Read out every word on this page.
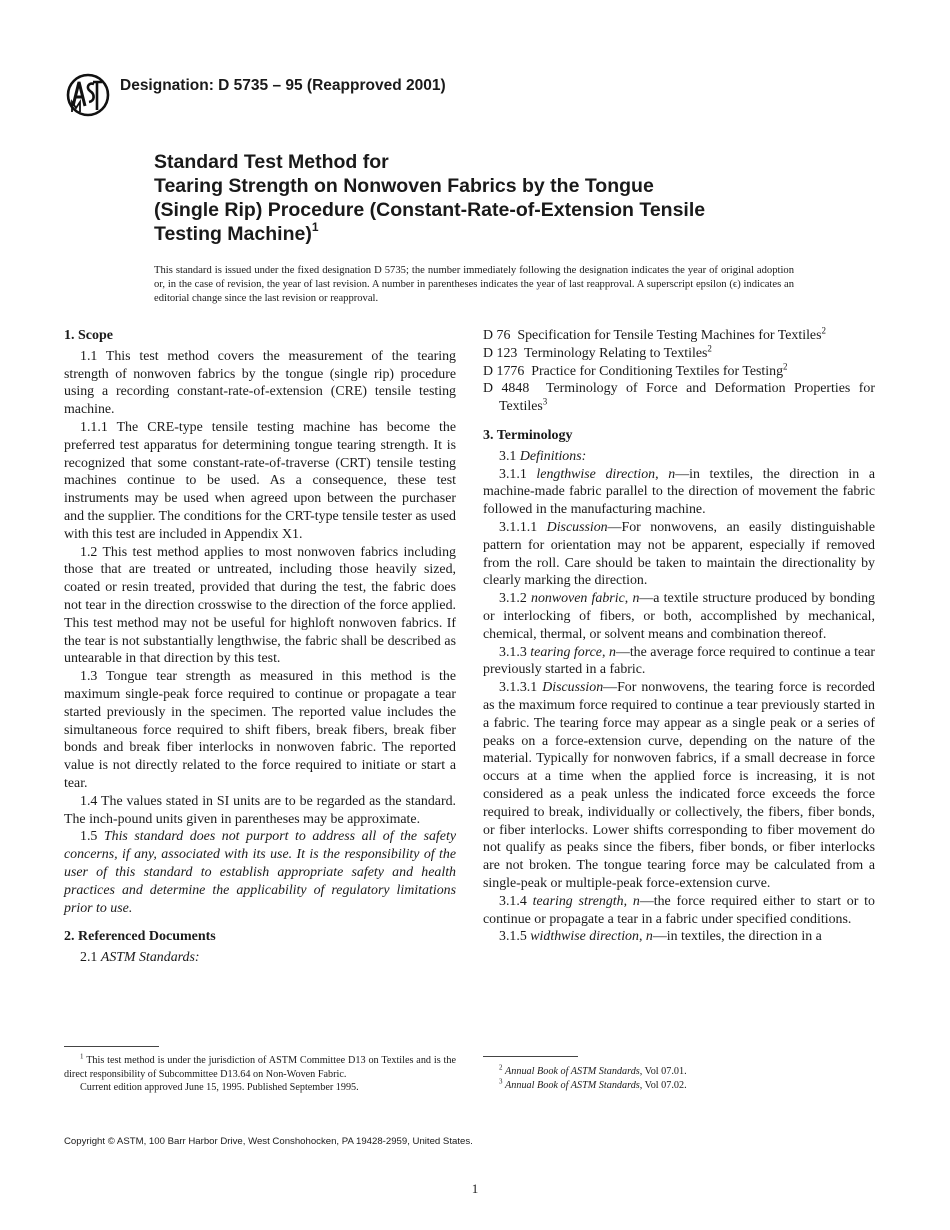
Designation: D 5735 – 95 (Reapproved 2001)
Standard Test Method for
Tearing Strength on Nonwoven Fabrics by the Tongue
(Single Rip) Procedure (Constant-Rate-of-Extension Tensile
Testing Machine)$^1$
This standard is issued under the fixed designation D 5735; the number immediately following the designation indicates the year of original adoption or, in the case of revision, the year of last revision. A number in parentheses indicates the year of last reapproval. A superscript epsilon (ϵ) indicates an editorial change since the last revision or reapproval.

1. Scope

1.1 This test method covers the measurement of the tearing strength of nonwoven fabrics by the tongue (single rip) procedure using a recording constant-rate-of-extension (CRE) tensile testing machine.

1.1.1 The CRE-type tensile testing machine has become the preferred test apparatus for determining tongue tearing strength. It is recognized that some constant-rate-of-traverse (CRT) tensile testing machines continue to be used. As a consequence, these test instruments may be used when agreed upon between the purchaser and the supplier. The conditions for the CRT-type tensile tester as used with this test are included in Appendix X1.

1.2 This test method applies to most nonwoven fabrics including those that are treated or untreated, including those heavily sized, coated or resin treated, provided that during the test, the fabric does not tear in the direction crosswise to the direction of the force applied. This test method may not be useful for highloft nonwoven fabrics. If the tear is not substantially lengthwise, the fabric shall be described as untearable in that direction by this test.

1.3 Tongue tear strength as measured in this method is the maximum single-peak force required to continue or propagate a tear started previously in the specimen. The reported value includes the simultaneous force required to shift fibers, break fibers, break fiber bonds and break fiber interlocks in nonwoven fabric. The reported value is not directly related to the force required to initiate or start a tear.

1.4 The values stated in SI units are to be regarded as the standard. The inch-pound units given in parentheses may be approximate.

1.5 This standard does not purport to address all of the safety concerns, if any, associated with its use. It is the responsibility of the user of this standard to establish appropriate safety and health practices and determine the applicability of regulatory limitations prior to use.

2. Referenced Documents

2.1 ASTM Standards:

D 76 Specification for Tensile Testing Machines for Textiles$^2$

D 123 Terminology Relating to Textiles$^2$

D 1776 Practice for Conditioning Textiles for Testing$^2$

D 4848 Terminology of Force and Deformation Properties for Textiles$^3$

3. Terminology

3.1 Definitions:

3.1.1 lengthwise direction, n—in textiles, the direction in a machine-made fabric parallel to the direction of movement the fabric followed in the manufacturing machine.

3.1.1.1 Discussion—For nonwovens, an easily distinguishable pattern for orientation may not be apparent, especially if removed from the roll. Care should be taken to maintain the directionality by clearly marking the direction.

3.1.2 nonwoven fabric, n—a textile structure produced by bonding or interlocking of fibers, or both, accomplished by mechanical, chemical, thermal, or solvent means and combination thereof.

3.1.3 tearing force, n—the average force required to continue a tear previously started in a fabric.

3.1.3.1 Discussion—For nonwovens, the tearing force is recorded as the maximum force required to continue a tear previously started in a fabric. The tearing force may appear as a single peak or a series of peaks on a force-extension curve, depending on the nature of the material. Typically for nonwoven fabrics, if a small decrease in force occurs at a time when the applied force is increasing, it is not considered as a peak unless the indicated force exceeds the force required to break, individually or collectively, the fibers, fiber bonds, or fiber interlocks. Lower shifts corresponding to fiber movement do not qualify as peaks since the fibers, fiber bonds, or fiber interlocks are not broken. The tongue tearing force may be calculated from a single-peak or multiple-peak force-extension curve.

3.1.4 tearing strength, n—the force required either to start or to continue or propagate a tear in a fabric under specified conditions.

3.1.5 widthwise direction, n—in textiles, the direction in a

$^1$ This test method is under the jurisdiction of ASTM Committee D13 on Textiles and is the direct responsibility of Subcommittee D13.64 on Non-Woven Fabric.

Current edition approved June 15, 1995. Published September 1995.

$^2$ Annual Book of ASTM Standards, Vol 07.01.

$^3$ Annual Book of ASTM Standards, Vol 07.02.

Copyright © ASTM, 100 Barr Harbor Drive, West Conshohocken, PA 19428-2959, United States.
1
